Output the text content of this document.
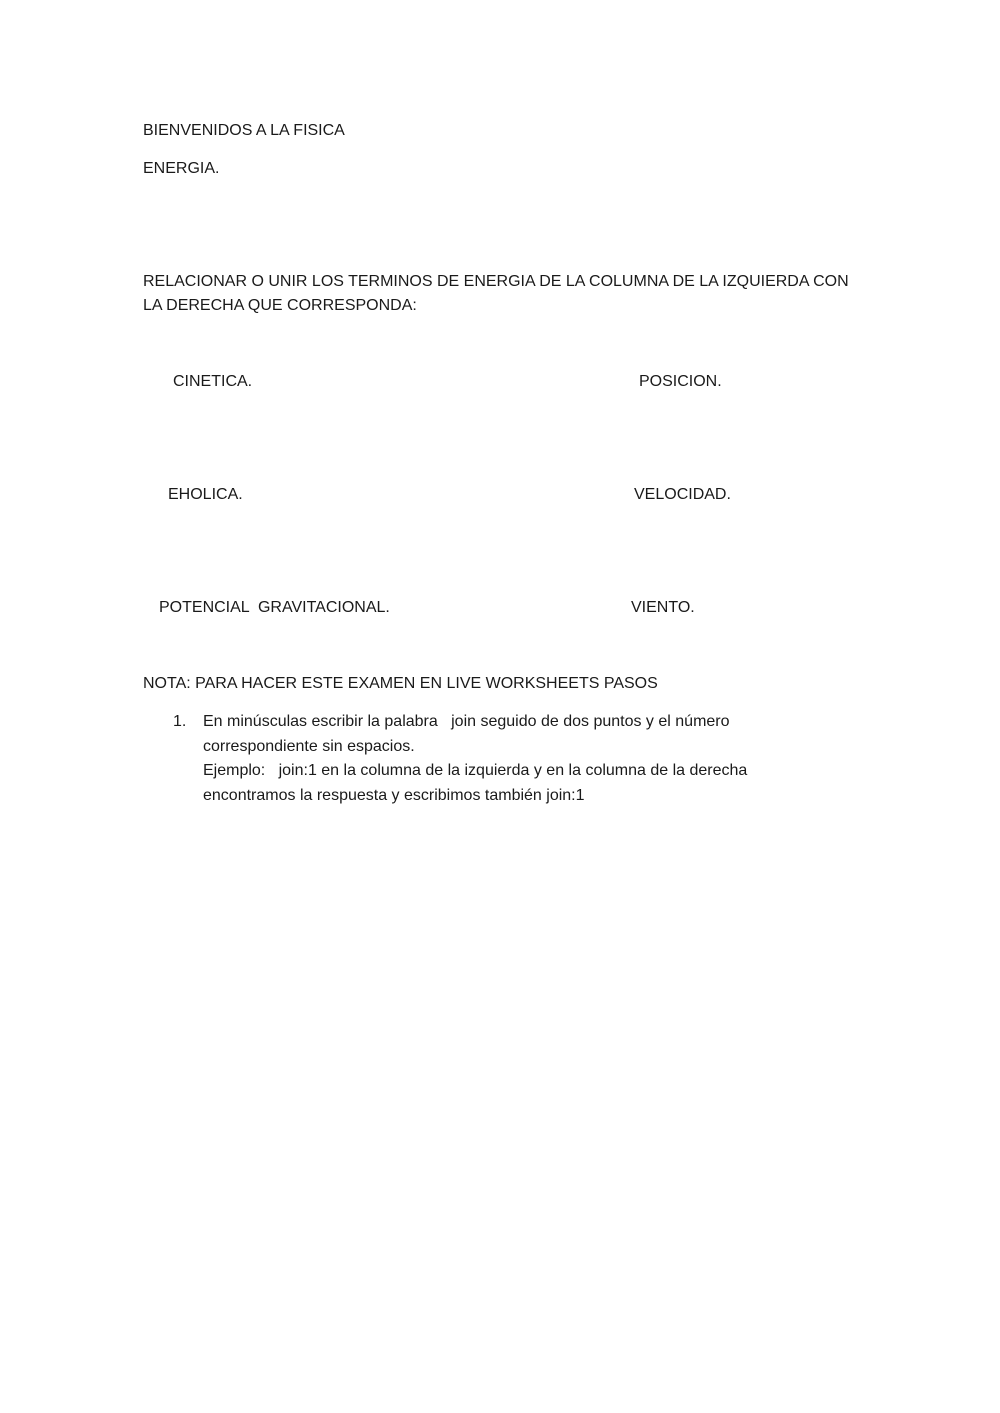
BIENVENIDOS A LA FISICA
ENERGIA.
RELACIONAR O UNIR LOS TERMINOS DE ENERGIA DE LA COLUMNA DE LA IZQUIERDA CON LA DERECHA QUE CORRESPONDA:
CINETICA.
EHOLICA.
POTENCIAL  GRAVITACIONAL.
POSICION.
VELOCIDAD.
VIENTO.
NOTA: PARA HACER ESTE EXAMEN EN LIVE WORKSHEETS PASOS
1.	En minúsculas escribir la palabra   join seguido de dos puntos y el número correspondiente sin espacios.

Ejemplo:   join:1 en la columna de la izquierda y en la columna de la derecha encontramos la respuesta y escribimos también join:1
